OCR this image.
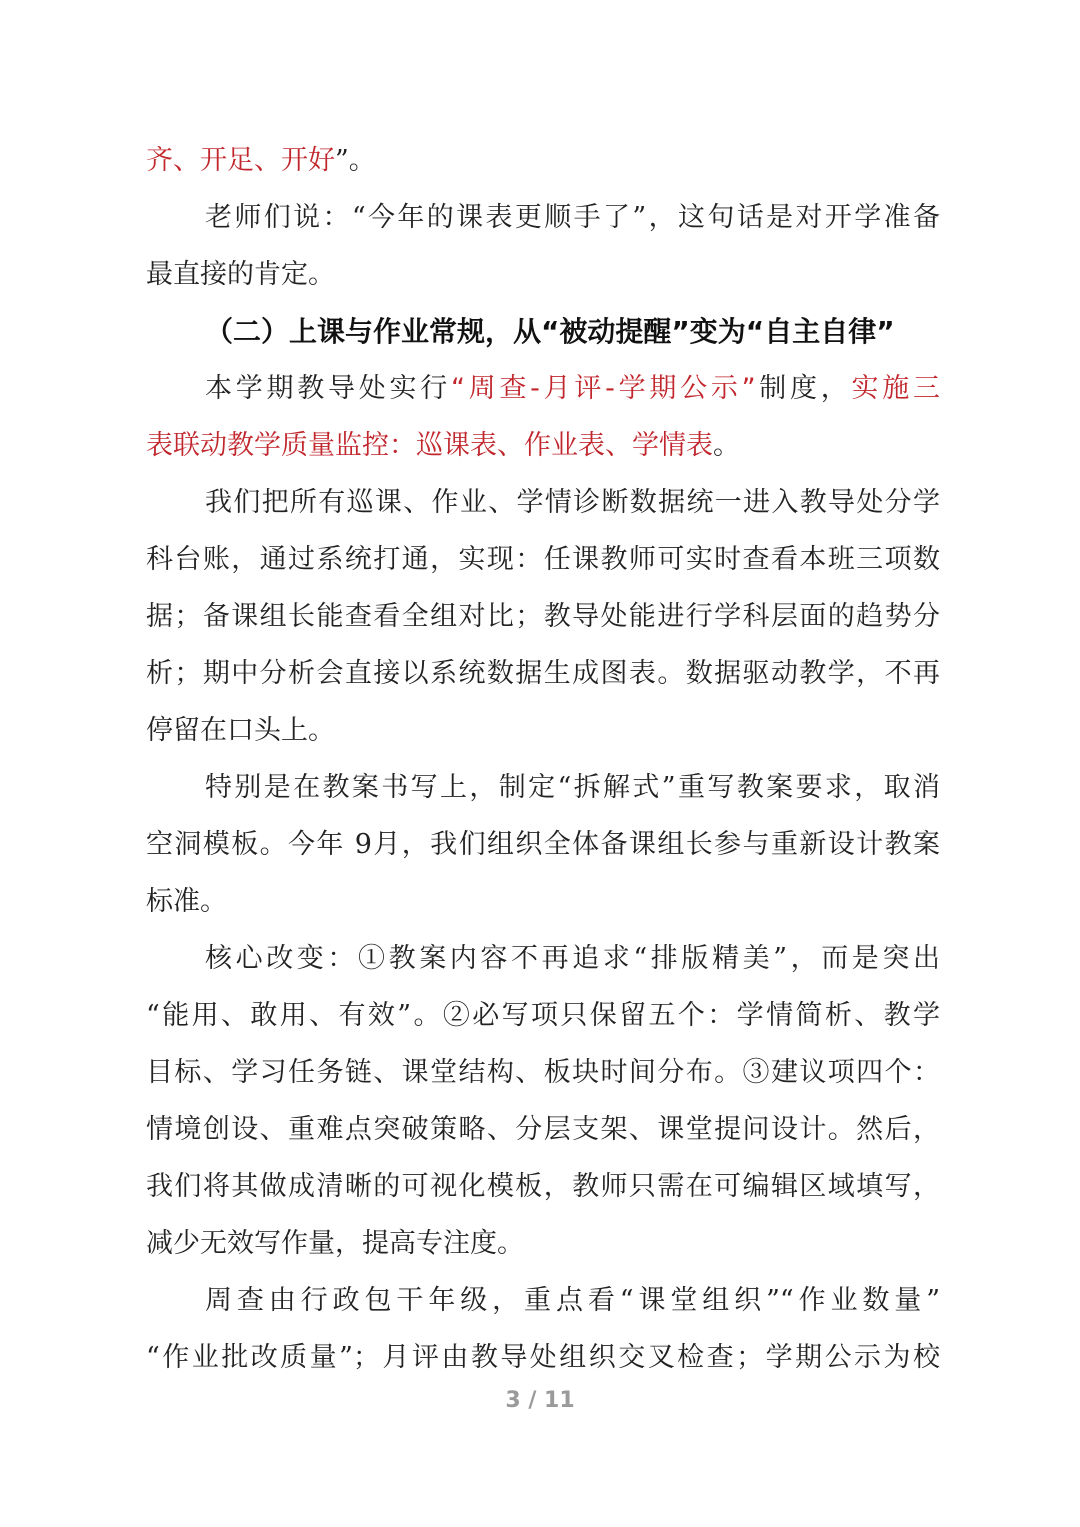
齐、开足、开好”。
老师们说：“今年的课表更顺手了”，这句话是对开学准备
最直接的肯定。
（二）上课与作业常规，从“被动提醒”变为“自主自律”
本学期教导处实行“周查-月评-学期公示”制度，实施三
表联动教学质量监控：巡课表、作业表、学情表。
我们把所有巡课、作业、学情诊断数据统一进入教导处分学
科台账，通过系统打通，实现：任课教师可实时查看本班三项数
据；备课组长能查看全组对比；教导处能进行学科层面的趋势分
析；期中分析会直接以系统数据生成图表。数据驱动教学，不再
停留在口头上。
特别是在教案书写上，制定“拆解式”重写教案要求，取消
空洞模板。今年 9月，我们组织全体备课组长参与重新设计教案
标准。
核心改变：①教案内容不再追求“排版精美”，而是突出
“能用、敢用、有效”。②必写项只保留五个：学情简析、教学
目标、学习任务链、课堂结构、板块时间分布。③建议项四个：
情境创设、重难点突破策略、分层支架、课堂提问设计。然后，
我们将其做成清晰的可视化模板，教师只需在可编辑区域填写，
减少无效写作量，提高专注度。
周查由行政包干年级，重点看“课堂组织”“作业数量”
“作业批改质量”；月评由教导处组织交叉检查；学期公示为校
3 / 11
